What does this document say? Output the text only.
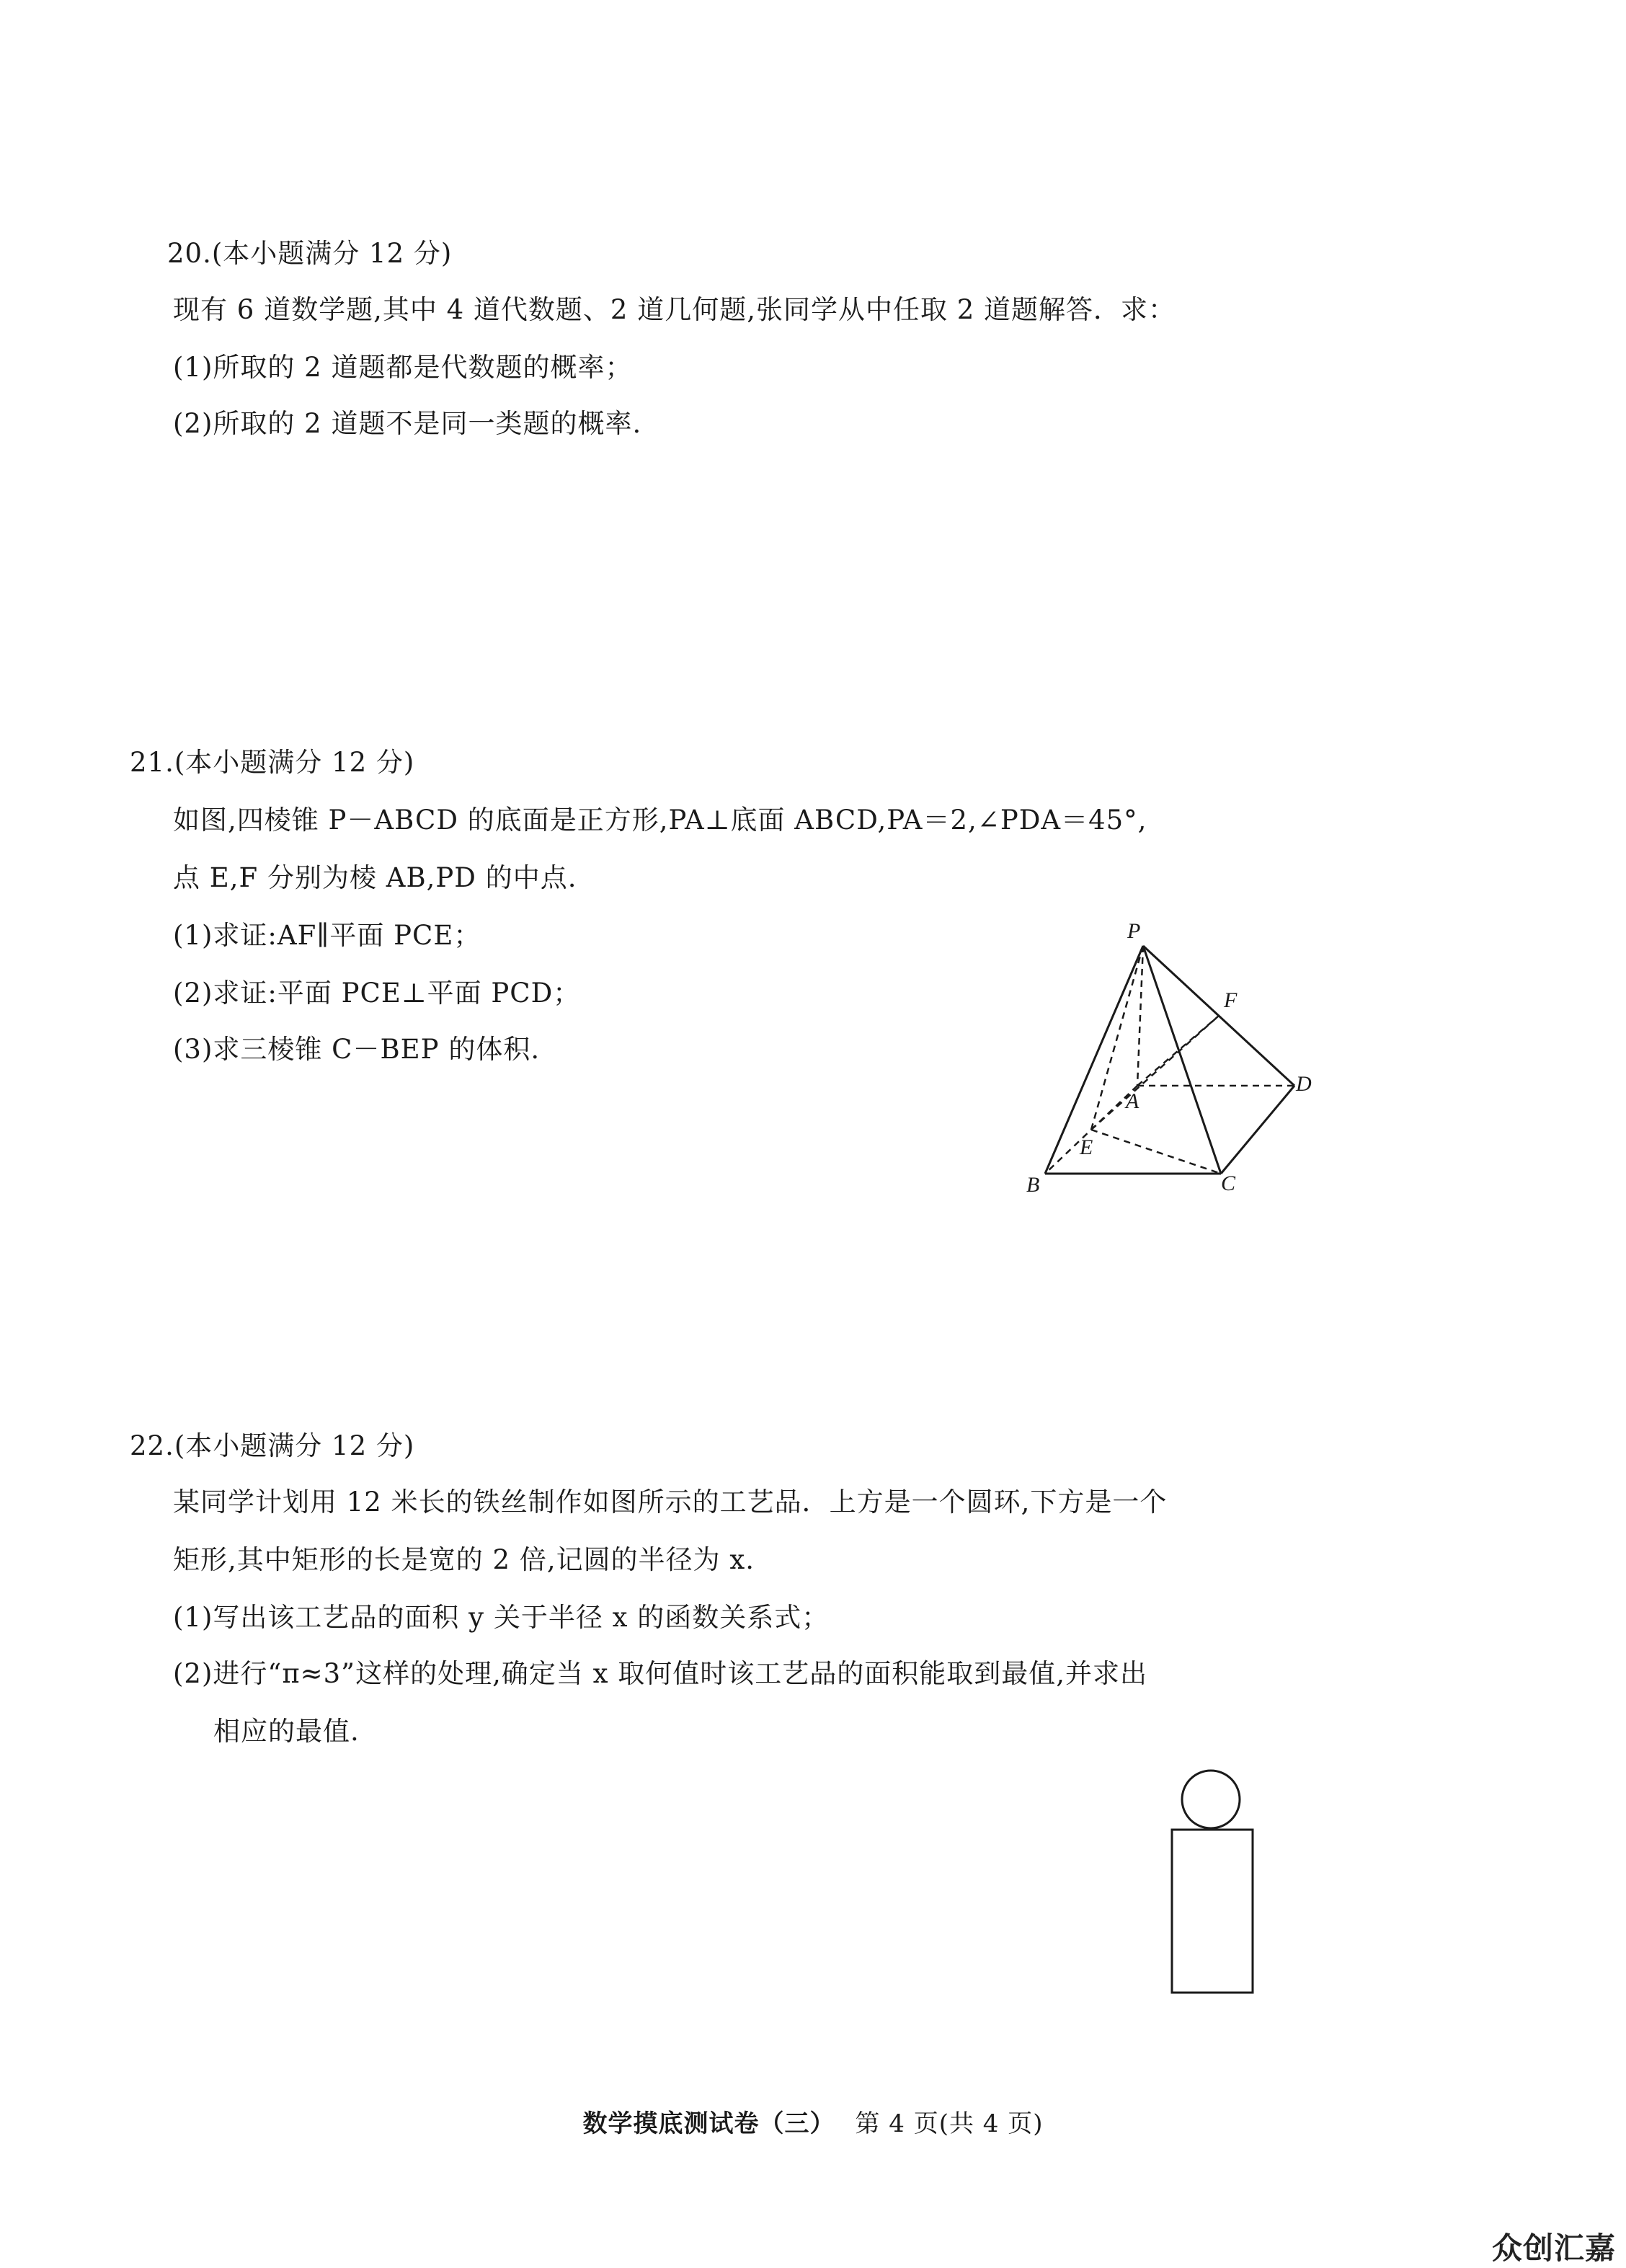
20.(本小题满分 12 分)
现有 6 道数学题,其中 4 道代数题、2 道几何题,张同学从中任取 2 道题解答．求：
(1)所取的 2 道题都是代数题的概率；
(2)所取的 2 道题不是同一类题的概率.
21.(本小题满分 12 分)
如图,四棱锥 P－ABCD 的底面是正方形,PA⊥底面 ABCD,PA＝2,∠PDA＝45°,
点 E,F 分别为棱 AB,PD 的中点.
(1)求证:AF∥平面 PCE；
(2)求证:平面 PCE⊥平面 PCD；
(3)求三棱锥 C－BEP 的体积.
P
F
A
D
E
B	C
22.(本小题满分 12 分)
某同学计划用 12 米长的铁丝制作如图所示的工艺品．上方是一个圆环,下方是一个
矩形,其中矩形的长是宽的 2 倍,记圆的半径为 x.
(1)写出该工艺品的面积 y 关于半径 x 的函数关系式；
(2)进行“π≈3”这样的处理,确定当 x 取何值时该工艺品的面积能取到最值,并求出
相应的最值.
数学摸底测试卷（三） 第 4 页(共 4 页)
众创汇嘉
